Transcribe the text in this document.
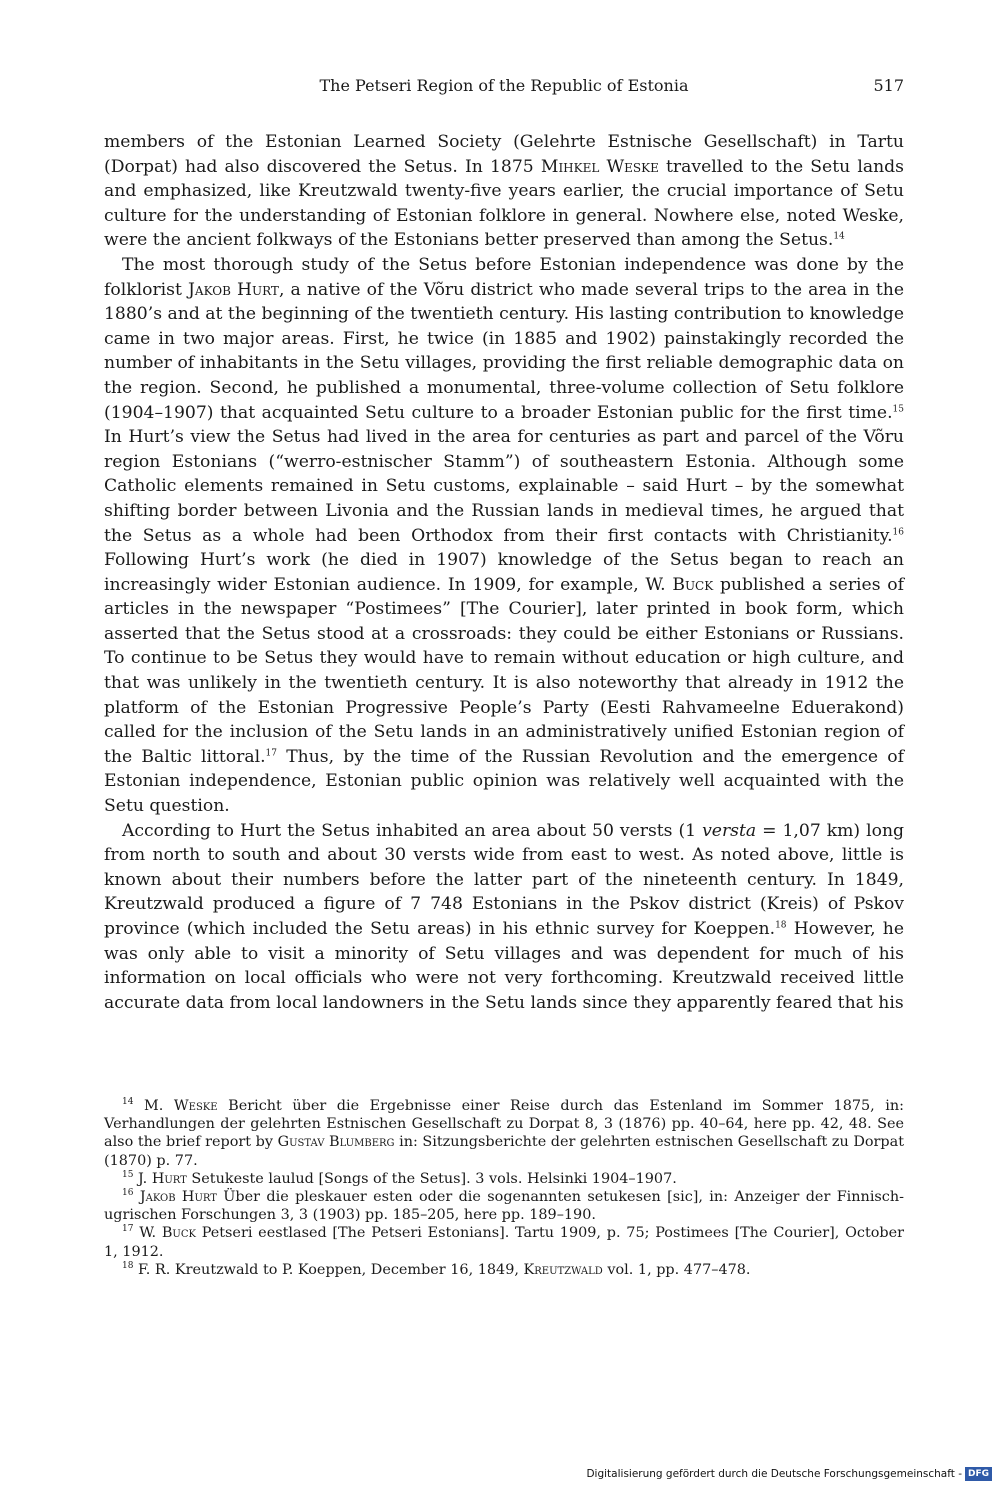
The Petseri Region of the Republic of Estonia	517

members of the Estonian Learned Society (Gelehrte Estnische Gesellschaft) in Tartu (Dorpat) had also discovered the Setus. In 1875 Mihkel Weske travelled to the Setu lands and emphasized, like Kreutzwald twenty-five years earlier, the crucial importance of Setu culture for the understanding of Estonian folklore in general. Nowhere else, noted Weske, were the ancient folkways of the Estonians better preserved than among the Setus.$^{14}$

The most thorough study of the Setus before Estonian independence was done by the folklorist Jakob Hurt, a native of the Võru district who made several trips to the area in the 1880’s and at the beginning of the twentieth century. His lasting contribution to knowledge came in two major areas. First, he twice (in 1885 and 1902) painstakingly recorded the number of inhabitants in the Setu villages, providing the first reliable demographic data on the region. Second, he published a monumental, three-volume collection of Setu folklore (1904–1907) that acquainted Setu culture to a broader Estonian public for the first time.$^{15}$ In Hurt’s view the Setus had lived in the area for centuries as part and parcel of the Võru region Estonians (“werro-estnischer Stamm”) of southeastern Estonia. Although some Catholic elements remained in Setu customs, explainable – said Hurt – by the somewhat shifting border between Livonia and the Russian lands in medieval times, he argued that the Setus as a whole had been Orthodox from their first contacts with Christianity.$^{16}$ Following Hurt’s work (he died in 1907) knowledge of the Setus began to reach an increasingly wider Estonian audience. In 1909, for example, W. Buck published a series of articles in the newspaper “Postimees” [The Courier], later printed in book form, which asserted that the Setus stood at a crossroads: they could be either Estonians or Russians. To continue to be Setus they would have to remain without education or high culture, and that was unlikely in the twentieth century. It is also noteworthy that already in 1912 the platform of the Estonian Progressive People’s Party (Eesti Rahvameelne Eduerakond) called for the inclusion of the Setu lands in an administratively unified Estonian region of the Baltic littoral.$^{17}$ Thus, by the time of the Russian Revolution and the emergence of Estonian independence, Estonian public opinion was relatively well acquainted with the Setu question.

According to Hurt the Setus inhabited an area about 50 versts (1 versta = 1,07 km) long from north to south and about 30 versts wide from east to west. As noted above, little is known about their numbers before the latter part of the nineteenth century. In 1849, Kreutzwald produced a figure of 7 748 Estonians in the Pskov district (Kreis) of Pskov province (which included the Setu areas) in his ethnic survey for Koeppen.$^{18}$ However, he was only able to visit a minority of Setu villages and was dependent for much of his information on local officials who were not very forthcoming. Kreutzwald received little accurate data from local landowners in the Setu lands since they apparently feared that his

$^{14}$ M. Weske Bericht über die Ergebnisse einer Reise durch das Estenland im Sommer 1875, in: Verhandlungen der gelehrten Estnischen Gesellschaft zu Dorpat 8, 3 (1876) pp. 40–64, here pp. 42, 48. See also the brief report by Gustav Blumberg in: Sitzungsberichte der gelehrten estnischen Gesellschaft zu Dorpat (1870) p. 77.

$^{15}$ J. Hurt Setukeste laulud [Songs of the Setus]. 3 vols. Helsinki 1904–1907.

$^{16}$ Jakob Hurt Über die pleskauer esten oder die sogenannten setukesen [sic], in: Anzeiger der Finnisch-ugrischen Forschungen 3, 3 (1903) pp. 185–205, here pp. 189–190.

$^{17}$ W. Buck Petseri eestlased [The Petseri Estonians]. Tartu 1909, p. 75; Postimees [The Courier], October 1, 1912.

$^{18}$ F. R. Kreutzwald to P. Koeppen, December 16, 1849, Kreutzwald vol. 1, pp. 477–478.

Digitalisierung gefördert durch die Deutsche Forschungsgemeinschaft - DFG
